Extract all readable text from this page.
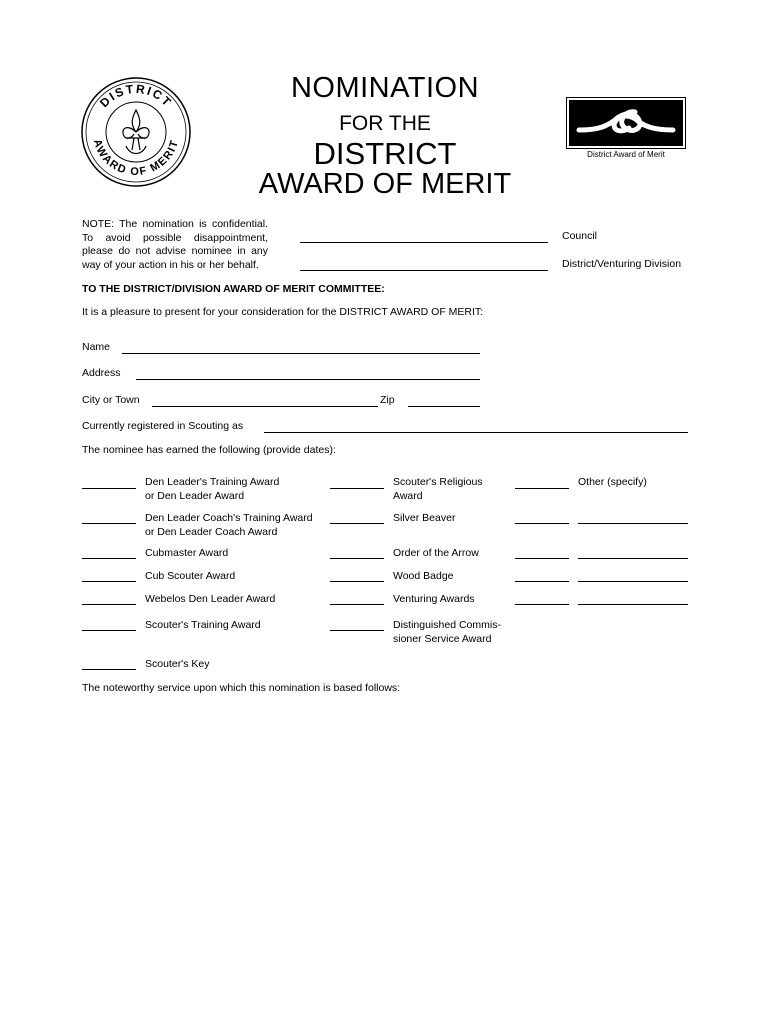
DISTRICT
AWARD OF MERIT
NOMINATION
FOR THE
DISTRICT
AWARD OF MERIT
District Award of Merit
NOTE: The nomination is confidential. To avoid possible disappointment, please do not advise nominee in any way of your action in his or her behalf.
Council
District/Venturing Division
TO THE DISTRICT/DIVISION AWARD OF MERIT COMMITTEE:
It is a pleasure to present for your consideration for the DISTRICT AWARD OF MERIT:
Name
Address
City or Town	Zip
Currently registered in Scouting as
The nominee has earned the following (provide dates):
Den Leader's Training Award
or Den Leader Award
Den Leader Coach's Training Award
or Den Leader Coach Award
Cubmaster Award
Cub Scouter Award
Webelos Den Leader Award
Scouter's Training Award
Scouter's Key
Scouter's Religious
Award
Silver Beaver
Order of the Arrow
Wood Badge
Venturing Awards
Distinguished Commis-
sioner Service Award
Other (specify)
The noteworthy service upon which this nomination is based follows:
